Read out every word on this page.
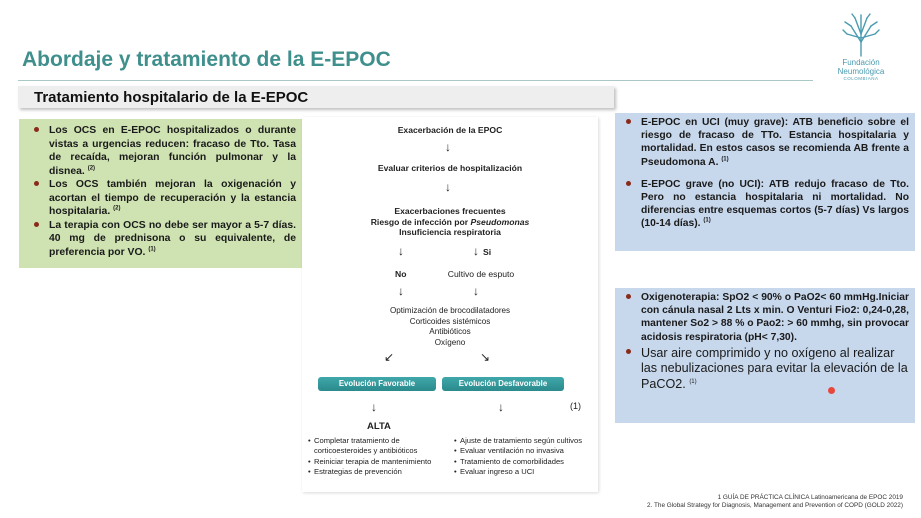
Abordaje y tratamiento de la E-EPOC	Fundación
Neumológica
COLOMBIANA
Tratamiento hospitalario de la E-EPOC
Los OCS en E-EPOC hospitalizados o durante vistas a urgencias reducen: fracaso de Tto. Tasa de recaída, mejoran función pulmonar y la disnea. $^{(2)}$
Los OCS también mejoran la oxigenación y acortan el tiempo de recuperación y la estancia hospitalaria. $^{(2)}$
La terapia con OCS no debe ser mayor a 5-7 días. 40 mg de prednisona o su equivalente, de preferencia por VO. $^{(1)}$
Exacerbación de la EPOC
↓
Evaluar criterios de hospitalización
↓
Exacerbaciones frecuentes
Riesgo de infección por Pseudomonas
Insuficiencia respiratoria
↓	↓ Si
No	Cultivo de esputo
↓	↓
Optimización de brocodilatadores
Corticoides sistémicos
Antibióticos
Oxígeno
↙	↘
Evolución Favorable	Evolución Desfavorable
↓	↓	(1)
ALTA
• Completar tratamiento de corticoesteroides y antibióticos
• Reiniciar terapia de mantenimiento
• Estrategias de prevención
• Ajuste de tratamiento según cultivos
• Evaluar ventilación no invasiva
• Tratamiento de comorbilidades
• Evaluar ingreso a UCI
E-EPOC en UCI (muy grave): ATB beneficio sobre el riesgo de fracaso de TTo. Estancia hospitalaria y mortalidad. En estos casos se recomienda AB frente a Pseudomona A. $^{(1)}$
E-EPOC grave (no UCI): ATB redujo fracaso de Tto. Pero no estancia hospitalaria ni mortalidad. No diferencias entre esquemas cortos (5-7 días) Vs largos (10-14 días). $^{(1)}$
Oxigenoterapia: SpO2 < 90% o PaO2< 60 mmHg.Iniciar con cánula nasal 2 Lts x min. O Venturi Fio2: 0,24-0,28, mantener So2 > 88 % o Pao2: > 60 mmhg, sin provocar acidosis respiratoria (pH< 7,30).
Usar aire comprimido y no oxígeno al realizar las nebulizaciones para evitar la elevación de la PaCO2. $^{(1)}$
1 GUÍA DE PRÁCTICA CLÍNICA Latinoamericana de EPOC 2019
2. The Global Strategy for Diagnosis, Management and Prevention of COPD (GOLD 2022)
